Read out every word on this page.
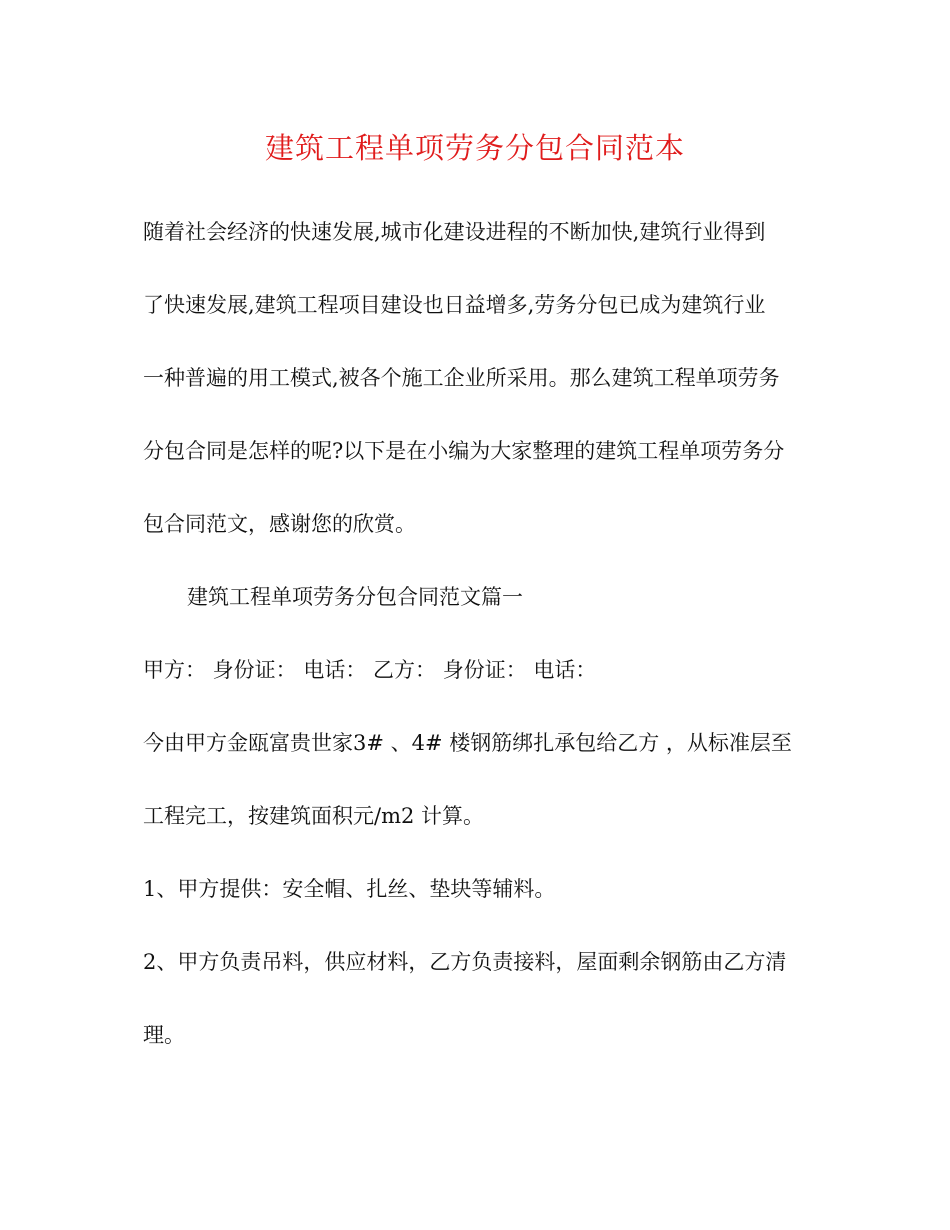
建筑工程单项劳务分包合同范本
随着社会经济的快速发展,城市化建设进程的不断加快,建筑行业得到
了快速发展,建筑工程项目建设也日益增多,劳务分包已成为建筑行业
一种普遍的用工模式,被各个施工企业所采用。那么建筑工程单项劳务
分包合同是怎样的呢?以下是在小编为大家整理的建筑工程单项劳务分
包合同范文，感谢您的欣赏。
建筑工程单项劳务分包合同范文篇一
甲方： 身份证： 电话： 乙方： 身份证： 电话：
今由甲方金瓯富贵世家3# 、4# 楼钢筋绑扎承包给乙方 ，从标准层至
工程完工，按建筑面积元/m2 计算。
1、甲方提供：安全帽、扎丝、垫块等辅料。
2、甲方负责吊料，供应材料，乙方负责接料，屋面剩余钢筋由乙方清
理。
